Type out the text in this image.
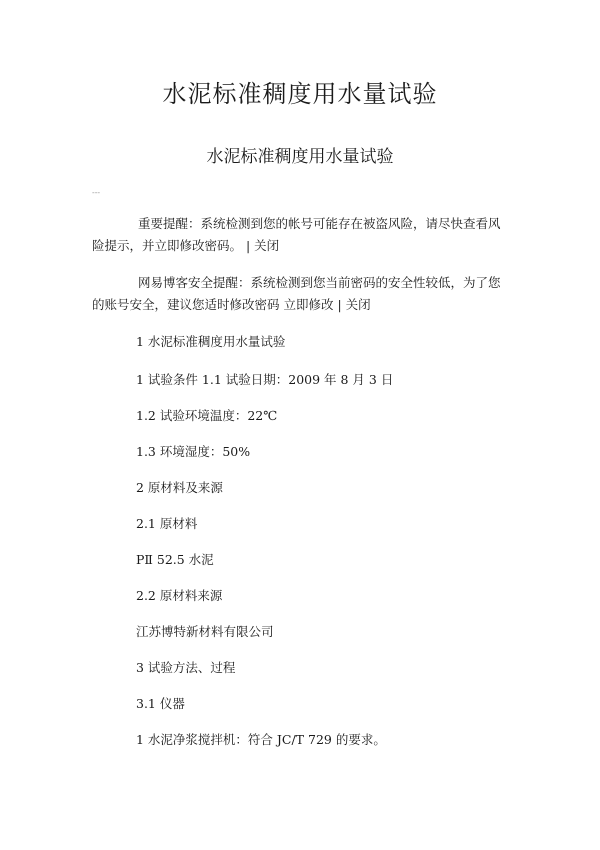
水泥标准稠度用水量试验
水泥标准稠度用水量试验
---

重要提醒：系统检测到您的帐号可能存在被盗风险，请尽快查看风险提示，并立即修改密码。 | 关闭

网易博客安全提醒：系统检测到您当前密码的安全性较低，为了您的账号安全，建议您适时修改密码 立即修改 | 关闭

1 水泥标准稠度用水量试验

1 试验条件 1.1 试验日期：2009 年 8 月 3 日

1.2 试验环境温度：22℃

1.3 环境湿度：50%

2 原材料及来源

2.1 原材料

PⅡ 52.5 水泥

2.2 原材料来源

江苏博特新材料有限公司

3 试验方法、过程

3.1 仪器

1 水泥净浆搅拌机：符合 JC/T 729 的要求。
